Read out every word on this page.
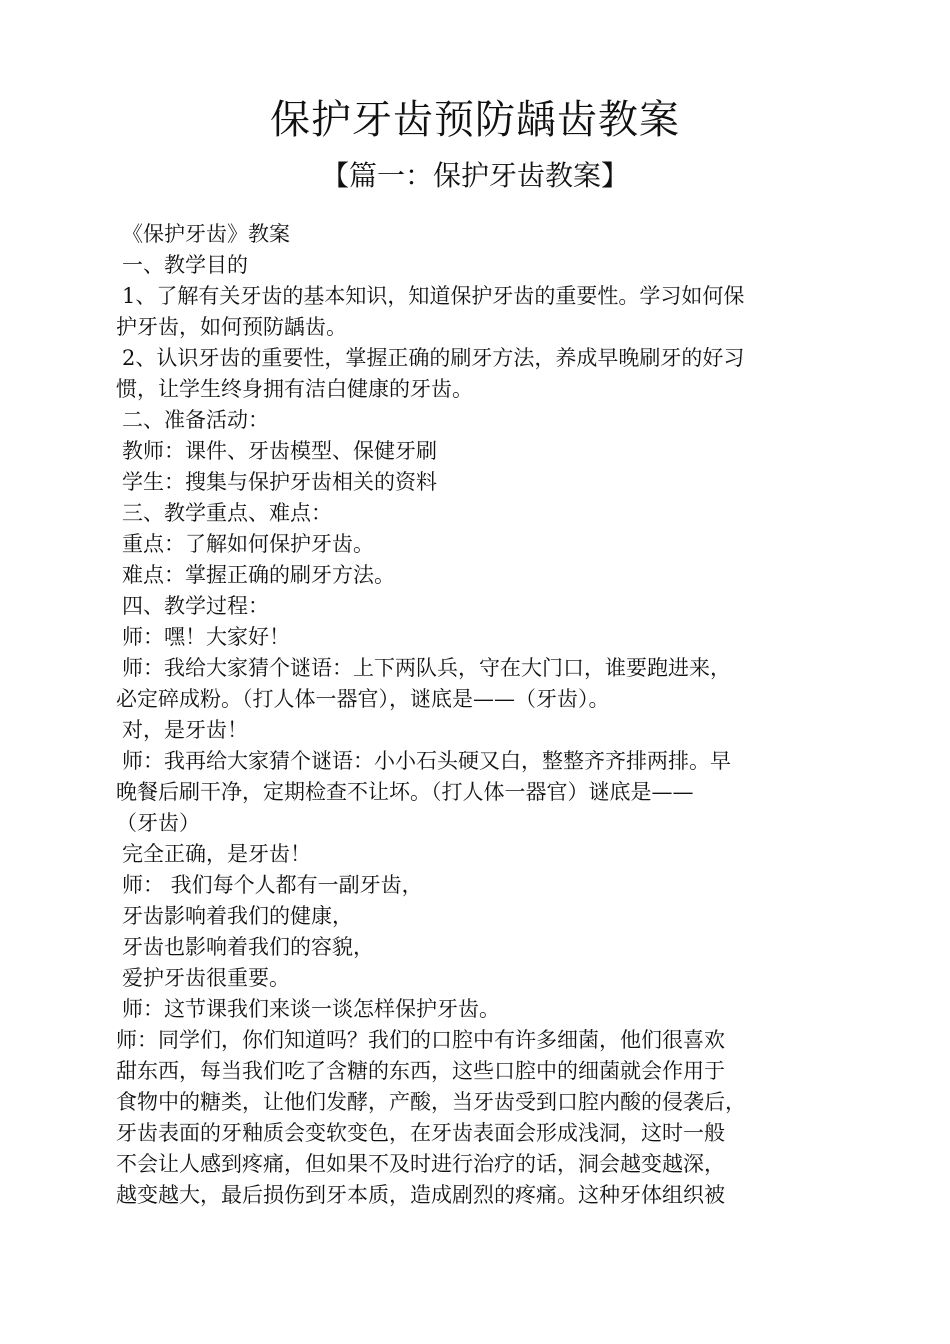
保护牙齿预防龋齿教案
【篇一：保护牙齿教案】
《保护牙齿》教案
一、教学目的
1、了解有关牙齿的基本知识，知道保护牙齿的重要性。学习如何保
护牙齿，如何预防龋齿。
2、认识牙齿的重要性，掌握正确的刷牙方法，养成早晚刷牙的好习
惯，让学生终身拥有洁白健康的牙齿。
二、准备活动：
教师：课件、牙齿模型、保健牙刷
学生：搜集与保护牙齿相关的资料
三、教学重点、难点：
重点：了解如何保护牙齿。
难点：掌握正确的刷牙方法。
四、教学过程：
师：嘿！大家好！
师：我给大家猜个谜语：上下两队兵，守在大门口，谁要跑进来，
必定碎成粉。（打人体一器官），谜底是——（牙齿）。
对，是牙齿！
师：我再给大家猜个谜语：小小石头硬又白，整整齐齐排两排。早
晚餐后刷干净，定期检查不让坏。（打人体一器官）谜底是——
（牙齿）
完全正确，是牙齿！
师： 我们每个人都有一副牙齿，
牙齿影响着我们的健康，
牙齿也影响着我们的容貌，
爱护牙齿很重要。
师：这节课我们来谈一谈怎样保护牙齿。
师：同学们，你们知道吗？我们的口腔中有许多细菌，他们很喜欢
甜东西，每当我们吃了含糖的东西，这些口腔中的细菌就会作用于
食物中的糖类，让他们发酵，产酸，当牙齿受到口腔内酸的侵袭后，
牙齿表面的牙釉质会变软变色，在牙齿表面会形成浅洞，这时一般
不会让人感到疼痛，但如果不及时进行治疗的话，洞会越变越深，
越变越大，最后损伤到牙本质，造成剧烈的疼痛。这种牙体组织被
